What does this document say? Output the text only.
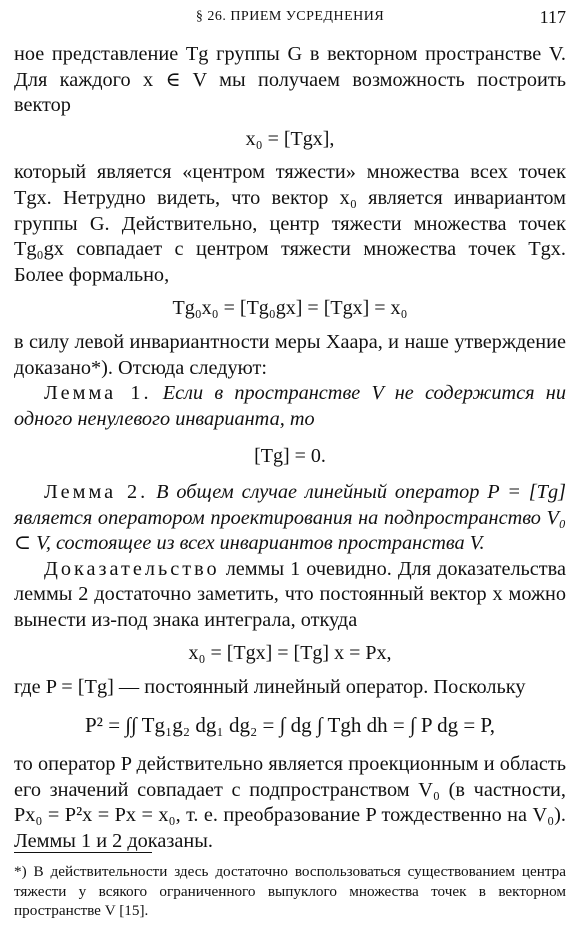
§ 26. ПРИЕМ УСРЕДНЕНИЯ	117

ное представление Tg группы G в векторном пространстве V. Для каждого x ∈ V мы получаем возможность построить вектор

x₀ = [Tgx],

который является «центром тяжести» множества всех точек Tgx. Нетрудно видеть, что вектор x₀ является инвариантом группы G. Действительно, центр тяжести множества точек Tg₀gx совпадает с центром тяжести множества точек Tgx. Более формально,

Tg₀x₀ = [Tg₀gx] = [Tgx] = x₀

в силу левой инвариантности меры Хаара, и наше утверждение доказано*). Отсюда следуют:

Лемма 1. Если в пространстве V не содержится ни одного ненулевого инварианта, то

[Tg] = 0.

Лемма 2. В общем случае линейный оператор P = [Tg] является оператором проектирования на подпространство V₀ ⊂ V, состоящее из всех инвариантов пространства V.

Доказательство леммы 1 очевидно. Для доказательства леммы 2 достаточно заметить, что постоянный вектор x можно вынести из-под знака интеграла, откуда

x₀ = [Tgx] = [Tg] x = Px,

где P = [Tg] — постоянный линейный оператор. Поскольку

P² = ∫∫ Tg₁g₂ dg₁ dg₂ = ∫ dg ∫ Tgh dh = ∫ P dg = P,

то оператор P действительно является проекционным и область его значений совпадает с подпространством V₀ (в частности, Px₀ = P²x = Px = x₀, т. е. преобразование P тождественно на V₀). Леммы 1 и 2 доказаны.

*) В действительности здесь достаточно воспользоваться существованием центра тяжести у всякого ограниченного выпуклого множества точек в векторном пространстве V [15].
